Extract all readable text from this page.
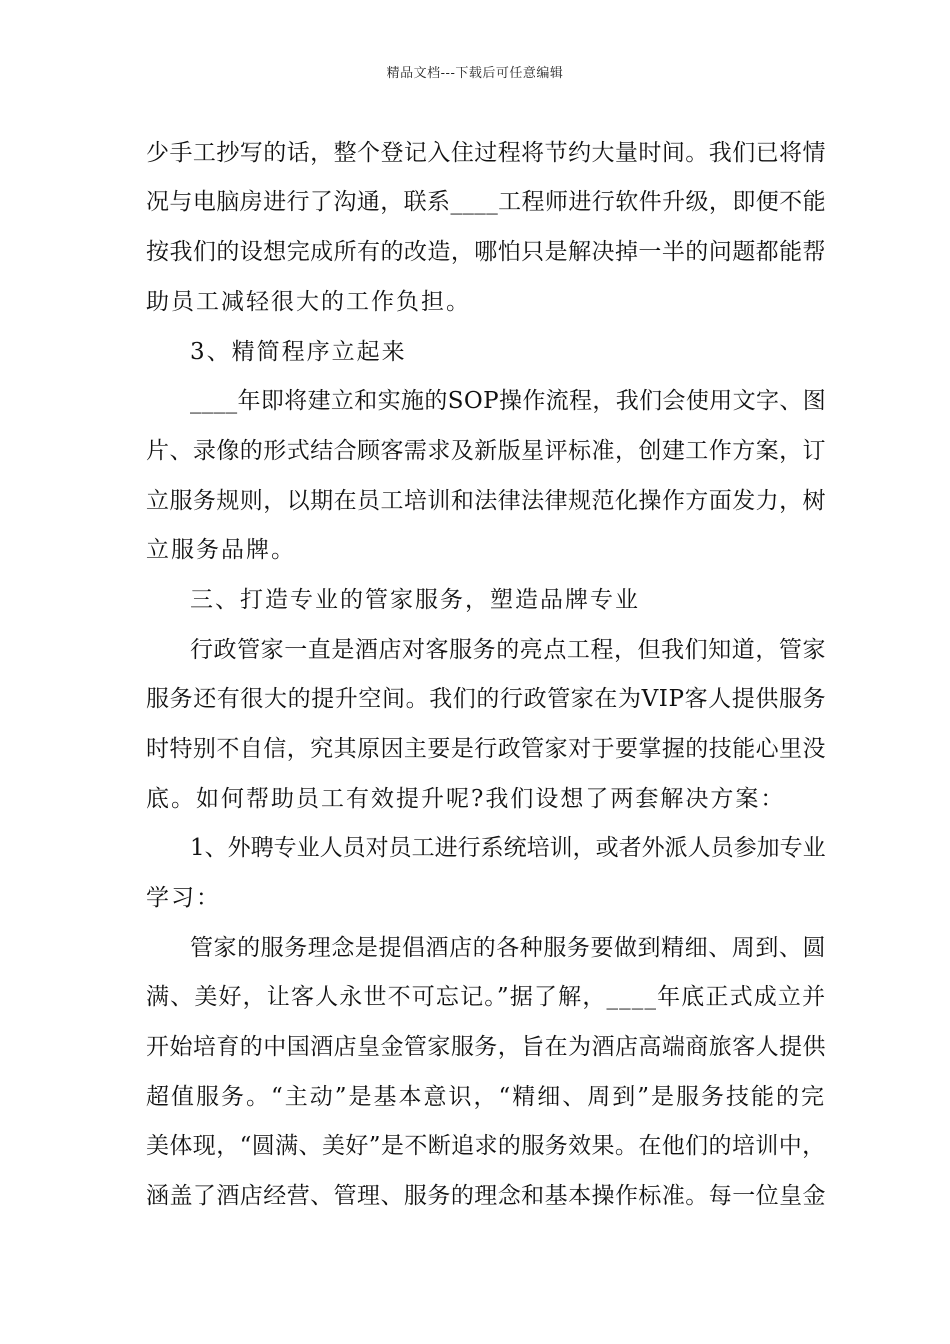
精品文档---下载后可任意编辑
少手工抄写的话，整个登记入住过程将节约大量时间。我们已将情
况与电脑房进行了沟通，联系____工程师进行软件升级，即便不能
按我们的设想完成所有的改造，哪怕只是解决掉一半的问题都能帮
助员工减轻很大的工作负担。
3、精简程序立起来
____年即将建立和实施的SOP操作流程，我们会使用文字、图
片、录像的形式结合顾客需求及新版星评标准，创建工作方案，订
立服务规则，以期在员工培训和法律法律规范化操作方面发力，树
立服务品牌。
三、打造专业的管家服务，塑造品牌专业
行政管家一直是酒店对客服务的亮点工程，但我们知道，管家
服务还有很大的提升空间。我们的行政管家在为VIP客人提供服务
时特别不自信，究其原因主要是行政管家对于要掌握的技能心里没
底。如何帮助员工有效提升呢?我们设想了两套解决方案：
1、外聘专业人员对员工进行系统培训，或者外派人员参加专业
学习：
管家的服务理念是提倡酒店的各种服务要做到精细、周到、圆
满、美好，让客人永世不可忘记。”据了解，____年底正式成立并
开始培育的中国酒店皇金管家服务，旨在为酒店高端商旅客人提供
超值服务。“主动”是基本意识，“精细、周到”是服务技能的完
美体现，“圆满、美好”是不断追求的服务效果。在他们的培训中，
涵盖了酒店经营、管理、服务的理念和基本操作标准。每一位皇金
